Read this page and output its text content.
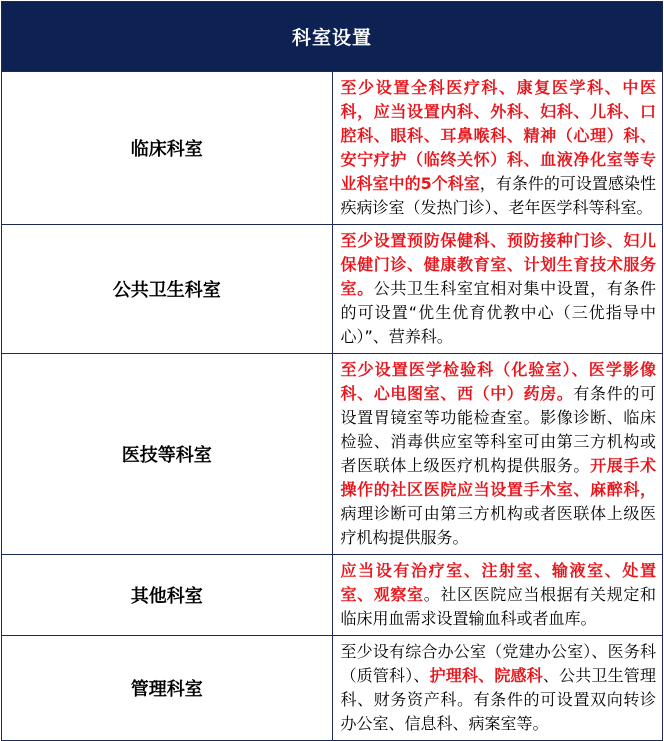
科室设置	
临床科室	至少设置全科医疗科、康复医学科、中医科，应当设置内科、外科、妇科、儿科、口腔科、眼科、耳鼻喉科、精神（心理）科、安宁疗护（临终关怀）科、血液净化室等专业科室中的5个科室，有条件的可设置感染性疾病诊室（发热门诊）、老年医学科等科室。
公共卫生科室	至少设置预防保健科、预防接种门诊、妇儿保健门诊、健康教育室、计划生育技术服务室。公共卫生科室宜相对集中设置，有条件的可设置“优生优育优教中心（三优指导中心）”、营养科。
医技等科室	至少设置医学检验科（化验室）、医学影像科、心电图室、西（中）药房。有条件的可设置胃镜室等功能检查室。影像诊断、临床检验、消毒供应室等科室可由第三方机构或者医联体上级医疗机构提供服务。开展手术操作的社区医院应当设置手术室、麻醉科，病理诊断可由第三方机构或者医联体上级医疗机构提供服务。
其他科室	应当设有治疗室、注射室、输液室、处置室、观察室。社区医院应当根据有关规定和临床用血需求设置输血科或者血库。
管理科室	至少设有综合办公室（党建办公室）、医务科（质管科）、护理科、院感科、公共卫生管理科、财务资产科。有条件的可设置双向转诊办公室、信息科、病案室等。
